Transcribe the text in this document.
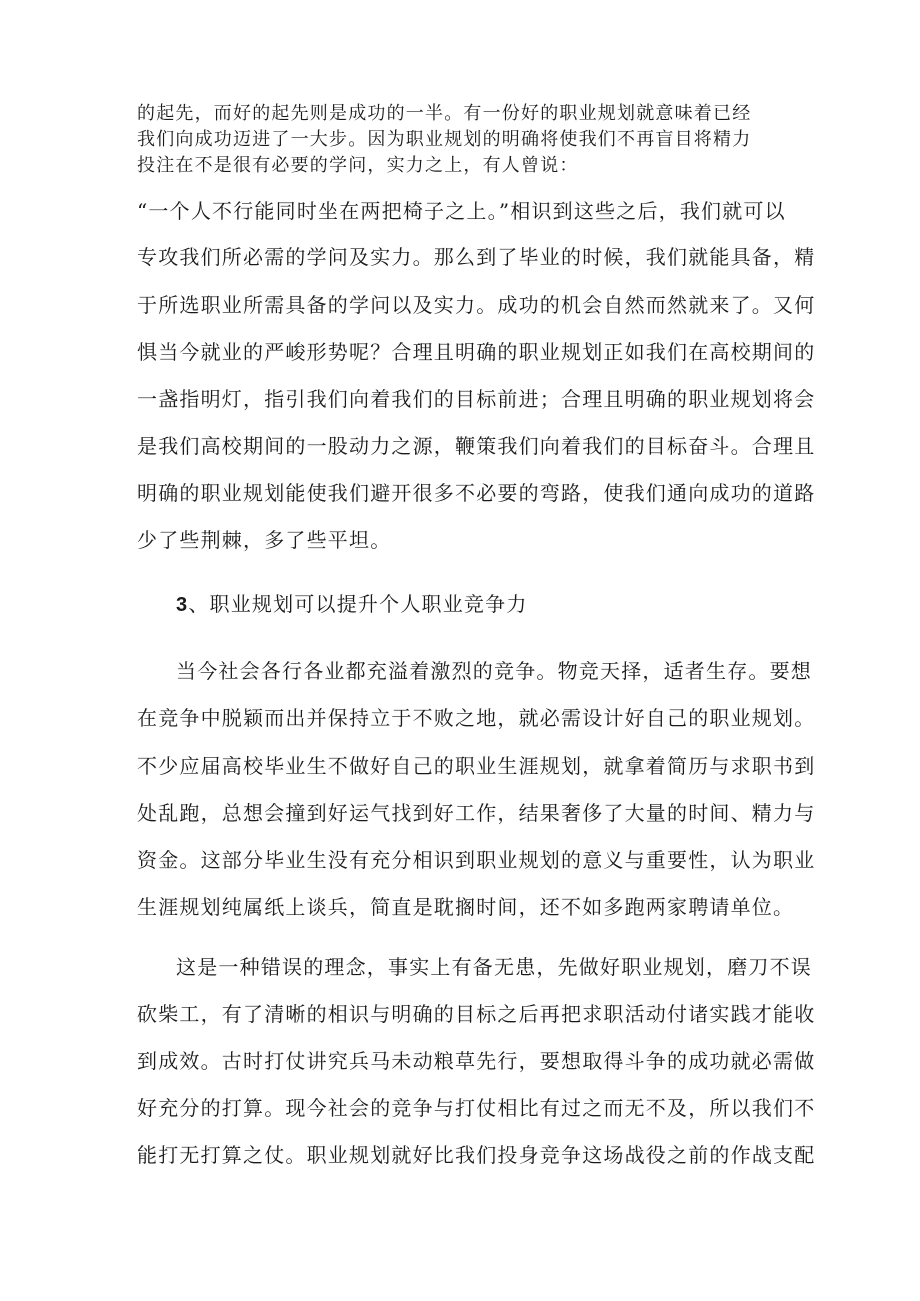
的起先，而好的起先则是成功的一半。有一份好的职业规划就意味着已经

我们向成功迈进了一大步。因为职业规划的明确将使我们不再盲目将精力

投注在不是很有必要的学问，实力之上，有人曾说：

“一个人不行能同时坐在两把椅子之上。”相识到这些之后，我们就可以

专攻我们所必需的学问及实力。那么到了毕业的时候，我们就能具备，精

于所选职业所需具备的学问以及实力。成功的机会自然而然就来了。又何

惧当今就业的严峻形势呢？合理且明确的职业规划正如我们在高校期间的

一盏指明灯，指引我们向着我们的目标前进；合理且明确的职业规划将会

是我们高校期间的一股动力之源，鞭策我们向着我们的目标奋斗。合理且

明确的职业规划能使我们避开很多不必要的弯路，使我们通向成功的道路

少了些荆棘，多了些平坦。

3、职业规划可以提升个人职业竞争力

当今社会各行各业都充溢着激烈的竞争。物竞天择，适者生存。要想

在竞争中脱颖而出并保持立于不败之地，就必需设计好自己的职业规划。

不少应届高校毕业生不做好自己的职业生涯规划，就拿着简历与求职书到

处乱跑，总想会撞到好运气找到好工作，结果奢侈了大量的时间、精力与

资金。这部分毕业生没有充分相识到职业规划的意义与重要性，认为职业

生涯规划纯属纸上谈兵，简直是耽搁时间，还不如多跑两家聘请单位。

这是一种错误的理念，事实上有备无患，先做好职业规划，磨刀不误

砍柴工，有了清晰的相识与明确的目标之后再把求职活动付诸实践才能收

到成效。古时打仗讲究兵马未动粮草先行，要想取得斗争的成功就必需做

好充分的打算。现今社会的竞争与打仗相比有过之而无不及，所以我们不

能打无打算之仗。职业规划就好比我们投身竞争这场战役之前的作战支配
